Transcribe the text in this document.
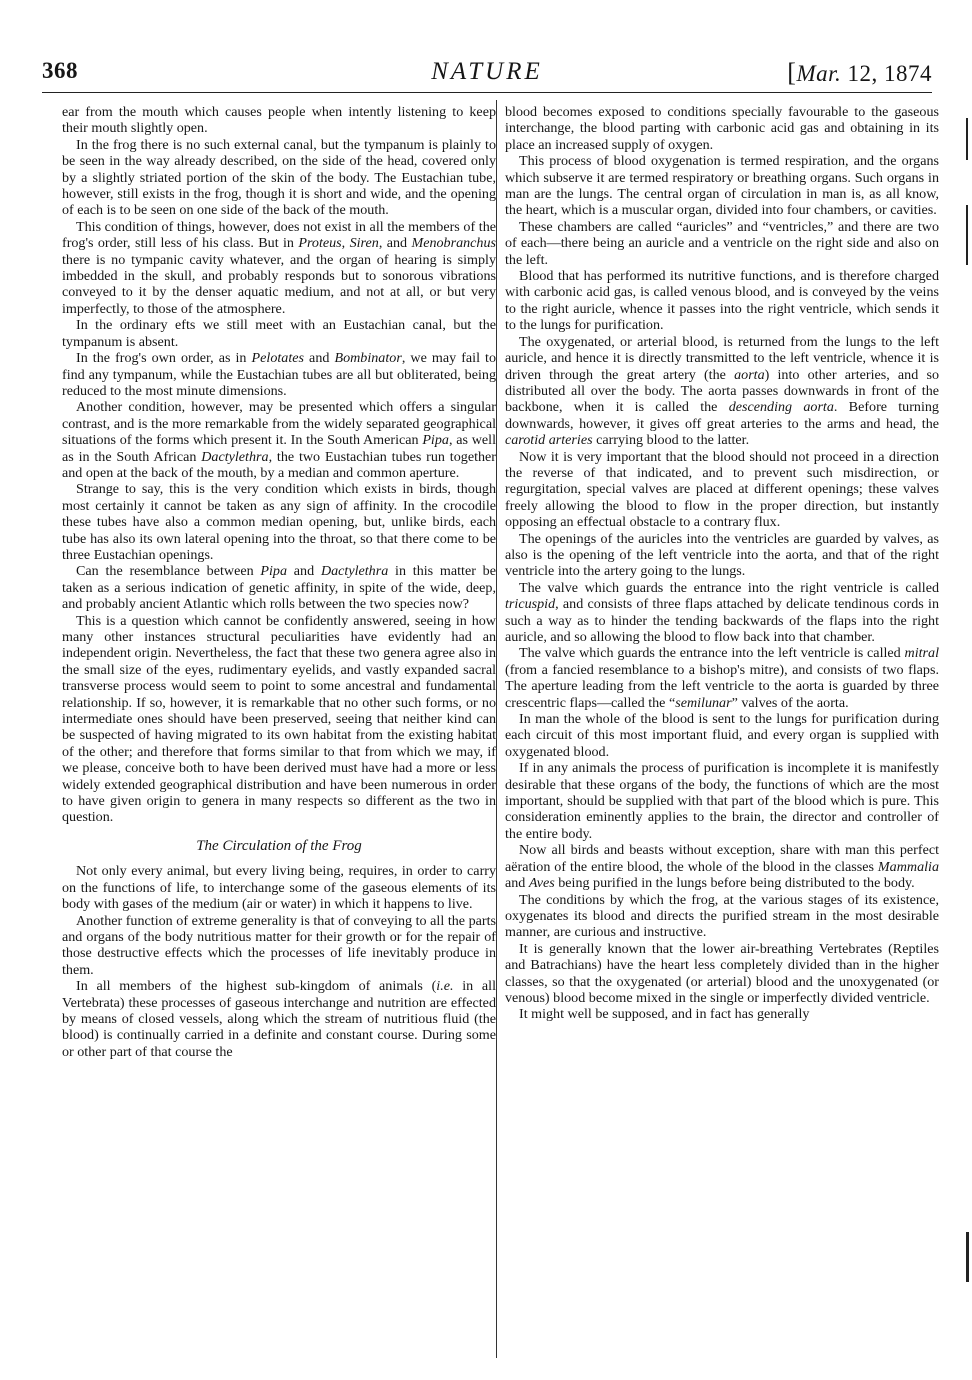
368	NATURE	[Mar. 12, 1874

ear from the mouth which causes people when intently listening to keep their mouth slightly open.

In the frog there is no such external canal, but the tympanum is plainly to be seen in the way already described, on the side of the head, covered only by a slightly striated portion of the skin of the body. The Eustachian tube, however, still exists in the frog, though it is short and wide, and the opening of each is to be seen on one side of the back of the mouth.

This condition of things, however, does not exist in all the members of the frog's order, still less of his class. But in Proteus, Siren, and Menobranchus there is no tympanic cavity whatever, and the organ of hearing is simply imbedded in the skull, and probably responds but to sonorous vibrations conveyed to it by the denser aquatic medium, and not at all, or but very imperfectly, to those of the atmosphere.

In the ordinary efts we still meet with an Eustachian canal, but the tympanum is absent.

In the frog's own order, as in Pelotates and Bombinator, we may fail to find any tympanum, while the Eustachian tubes are all but obliterated, being reduced to the most minute dimensions.

Another condition, however, may be presented which offers a singular contrast, and is the more remarkable from the widely separated geographical situations of the forms which present it. In the South American Pipa, as well as in the South African Dactylethra, the two Eustachian tubes run together and open at the back of the mouth, by a median and common aperture.

Strange to say, this is the very condition which exists in birds, though most certainly it cannot be taken as any sign of affinity. In the crocodile these tubes have also a common median opening, but, unlike birds, each tube has also its own lateral opening into the throat, so that there come to be three Eustachian openings.

Can the resemblance between Pipa and Dactylethra in this matter be taken as a serious indication of genetic affinity, in spite of the wide, deep, and probably ancient Atlantic which rolls between the two species now?

This is a question which cannot be confidently answered, seeing in how many other instances structural peculiarities have evidently had an independent origin. Nevertheless, the fact that these two genera agree also in the small size of the eyes, rudimentary eyelids, and vastly expanded sacral transverse process would seem to point to some ancestral and fundamental relationship. If so, however, it is remarkable that no other such forms, or no intermediate ones should have been preserved, seeing that neither kind can be suspected of having migrated to its own habitat from the existing habitat of the other; and therefore that forms similar to that from which we may, if we please, conceive both to have been derived must have had a more or less widely extended geographical distribution and have been numerous in order to have given origin to genera in many respects so different as the two in question.

The Circulation of the Frog

Not only every animal, but every living being, requires, in order to carry on the functions of life, to interchange some of the gaseous elements of its body with gases of the medium (air or water) in which it happens to live.

Another function of extreme generality is that of conveying to all the parts and organs of the body nutritious matter for their growth or for the repair of those destructive effects which the processes of life inevitably produce in them.

In all members of the highest sub-kingdom of animals (i.e. in all Vertebrata) these processes of gaseous interchange and nutrition are effected by means of closed vessels, along which the stream of nutritious fluid (the blood) is continually carried in a definite and constant course. During some or other part of that course the

blood becomes exposed to conditions specially favourable to the gaseous interchange, the blood parting with carbonic acid gas and obtaining in its place an increased supply of oxygen.

This process of blood oxygenation is termed respiration, and the organs which subserve it are termed respiratory or breathing organs. Such organs in man are the lungs. The central organ of circulation in man is, as all know, the heart, which is a muscular organ, divided into four chambers, or cavities.

These chambers are called “auricles” and “ventricles,” and there are two of each—there being an auricle and a ventricle on the right side and also on the left.

Blood that has performed its nutritive functions, and is therefore charged with carbonic acid gas, is called venous blood, and is conveyed by the veins to the right auricle, whence it passes into the right ventricle, which sends it to the lungs for purification.

The oxygenated, or arterial blood, is returned from the lungs to the left auricle, and hence it is directly transmitted to the left ventricle, whence it is driven through the great artery (the aorta) into other arteries, and so distributed all over the body. The aorta passes downwards in front of the backbone, when it is called the descending aorta. Before turning downwards, however, it gives off great arteries to the arms and head, the carotid arteries carrying blood to the latter.

Now it is very important that the blood should not proceed in a direction the reverse of that indicated, and to prevent such misdirection, or regurgitation, special valves are placed at different openings; these valves freely allowing the blood to flow in the proper direction, but instantly opposing an effectual obstacle to a contrary flux.

The openings of the auricles into the ventricles are guarded by valves, as also is the opening of the left ventricle into the aorta, and that of the right ventricle into the artery going to the lungs.

The valve which guards the entrance into the right ventricle is called tricuspid, and consists of three flaps attached by delicate tendinous cords in such a way as to hinder the tending backwards of the flaps into the right auricle, and so allowing the blood to flow back into that chamber.

The valve which guards the entrance into the left ventricle is called mitral (from a fancied resemblance to a bishop's mitre), and consists of two flaps. The aperture leading from the left ventricle to the aorta is guarded by three crescentric flaps—called the “semilunar” valves of the aorta.

In man the whole of the blood is sent to the lungs for purification during each circuit of this most important fluid, and every organ is supplied with oxygenated blood.

If in any animals the process of purification is incomplete it is manifestly desirable that these organs of the body, the functions of which are the most important, should be supplied with that part of the blood which is pure. This consideration eminently applies to the brain, the director and controller of the entire body.

Now all birds and beasts without exception, share with man this perfect aëration of the entire blood, the whole of the blood in the classes Mammalia and Aves being purified in the lungs before being distributed to the body.

The conditions by which the frog, at the various stages of its existence, oxygenates its blood and directs the purified stream in the most desirable manner, are curious and instructive.

It is generally known that the lower air-breathing Vertebrates (Reptiles and Batrachians) have the heart less completely divided than in the higher classes, so that the oxygenated (or arterial) blood and the unoxygenated (or venous) blood become mixed in the single or imperfectly divided ventricle.

It might well be supposed, and in fact has generally
